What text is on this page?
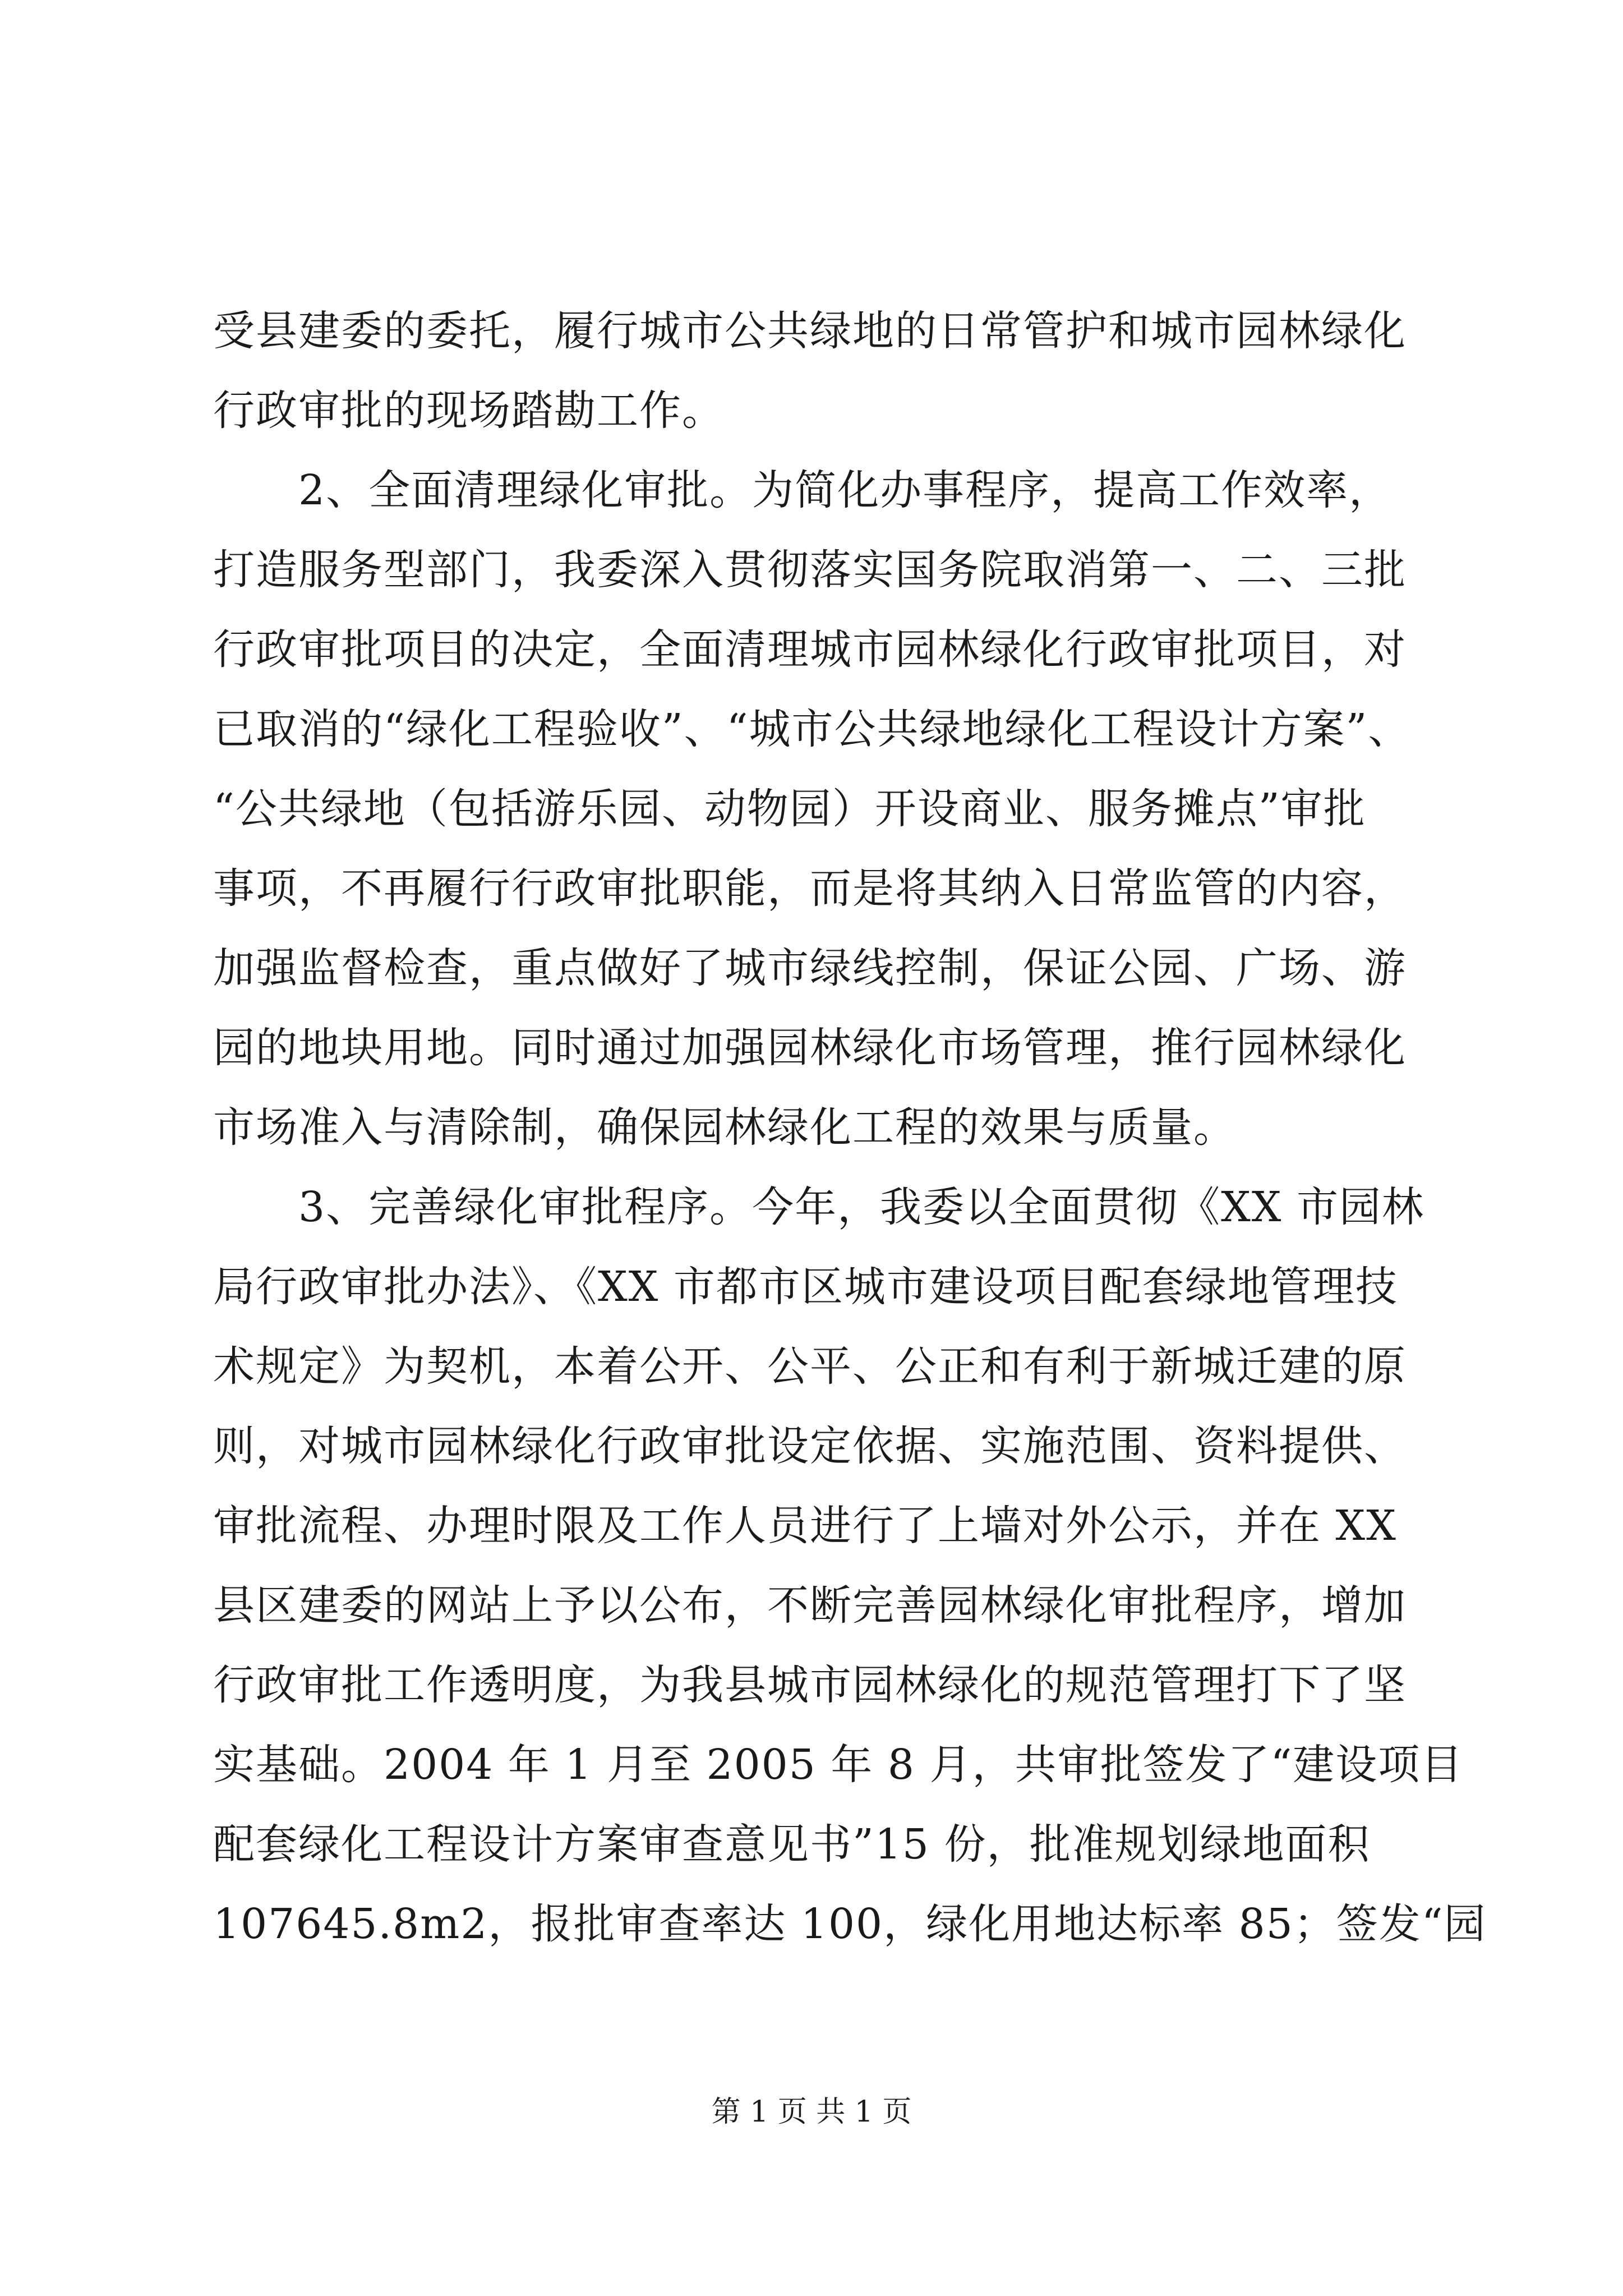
受县建委的委托，履行城市公共绿地的日常管护和城市园林绿化
行政审批的现场踏勘工作。
　　2、全面清理绿化审批。为简化办事程序，提高工作效率，
打造服务型部门，我委深入贯彻落实国务院取消第一、二、三批
行政审批项目的决定，全面清理城市园林绿化行政审批项目，对
已取消的“绿化工程验收”、“城市公共绿地绿化工程设计方案”、
“公共绿地（包括游乐园、动物园）开设商业、服务摊点”审批
事项，不再履行行政审批职能，而是将其纳入日常监管的内容，
加强监督检查，重点做好了城市绿线控制，保证公园、广场、游
园的地块用地。同时通过加强园林绿化市场管理，推行园林绿化
市场准入与清除制，确保园林绿化工程的效果与质量。
　　3、完善绿化审批程序。今年，我委以全面贯彻《XX 市园林
局行政审批办法》、《XX 市都市区城市建设项目配套绿地管理技
术规定》为契机，本着公开、公平、公正和有利于新城迁建的原
则，对城市园林绿化行政审批设定依据、实施范围、资料提供、
审批流程、办理时限及工作人员进行了上墙对外公示，并在 XX
县区建委的网站上予以公布，不断完善园林绿化审批程序，增加
行政审批工作透明度，为我县城市园林绿化的规范管理打下了坚
实基础。2004 年 1 月至 2005 年 8 月，共审批签发了“建设项目
配套绿化工程设计方案审查意见书”15 份，批准规划绿地面积
107645.8m2，报批审查率达 100，绿化用地达标率 85；签发“园
第 1 页 共 1 页
